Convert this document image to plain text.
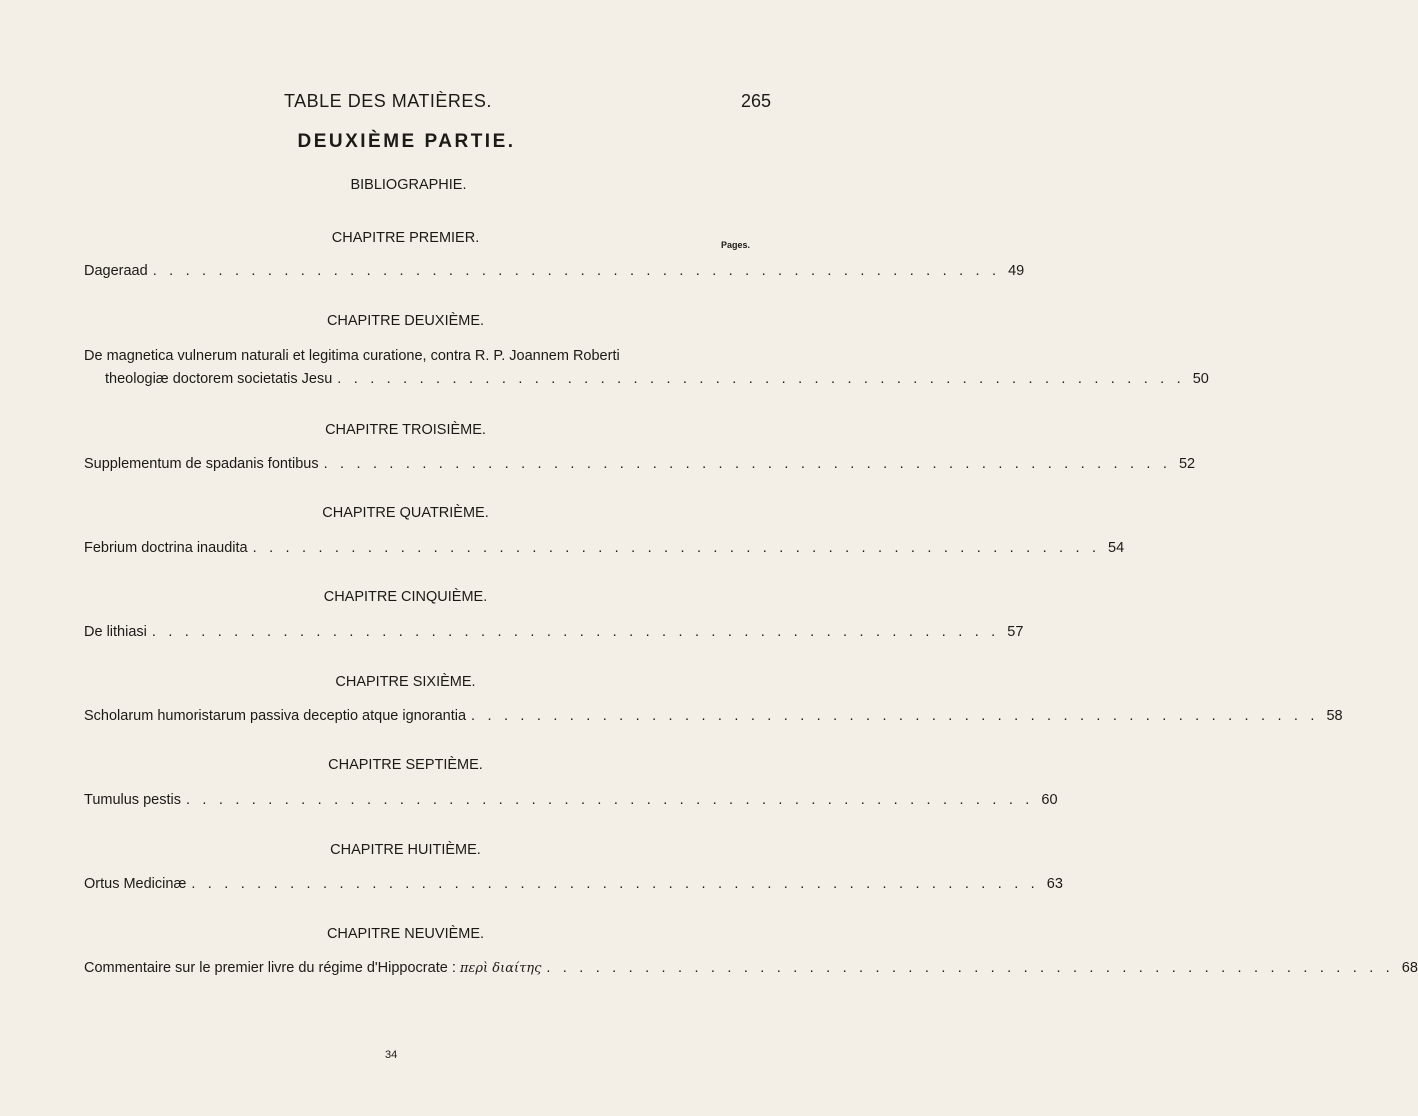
TABLE DES MATIÈRES.	265
DEUXIÈME PARTIE.
BIBLIOGRAPHIE.
CHAPITRE PREMIER.	Pages.
Dageraad . . . . . . . . . . . . . . . . . . . . . . . . . . . . . . . . . . . . . . . . . . . . . . . . . . . . 49
CHAPITRE DEUXIÈME.
De magnetica vulnerum naturali et legitima curatione, contra R. P. Joannem Roberti
theologiæ doctorem societatis Jesu . . . . . . . . . . . . . . . . . . . . . . . . . . . . . . . . . . . . . . . . . . . . . . . . . . . . 50
CHAPITRE TROISIÈME.
Supplementum de spadanis fontibus . . . . . . . . . . . . . . . . . . . . . . . . . . . . . . . . . . . . . . . . . . . . . . . . . . . . 52
CHAPITRE QUATRIÈME.
Febrium doctrina inaudita . . . . . . . . . . . . . . . . . . . . . . . . . . . . . . . . . . . . . . . . . . . . . . . . . . . . 54
CHAPITRE CINQUIÈME.
De lithiasi . . . . . . . . . . . . . . . . . . . . . . . . . . . . . . . . . . . . . . . . . . . . . . . . . . . . 57
CHAPITRE SIXIÈME.
Scholarum humoristarum passiva deceptio atque ignorantia . . . . . . . . . . . . . . . . . . . . . . . . . . . . . . . . . . . . . . . . . . . . . . . . . . . . 58
CHAPITRE SEPTIÈME.
Tumulus pestis . . . . . . . . . . . . . . . . . . . . . . . . . . . . . . . . . . . . . . . . . . . . . . . . . . . . 60
CHAPITRE HUITIÈME.
Ortus Medicinæ . . . . . . . . . . . . . . . . . . . . . . . . . . . . . . . . . . . . . . . . . . . . . . . . . . . . 63
CHAPITRE NEUVIÈME.
Commentaire sur le premier livre du régime d'Hippocrate : περὶ διαίτης . . . . . . . . . . . . . . . . . . . . . . . . . . . . . . . . . . . . . . . . . . . . . . . . . . . . 68
34
